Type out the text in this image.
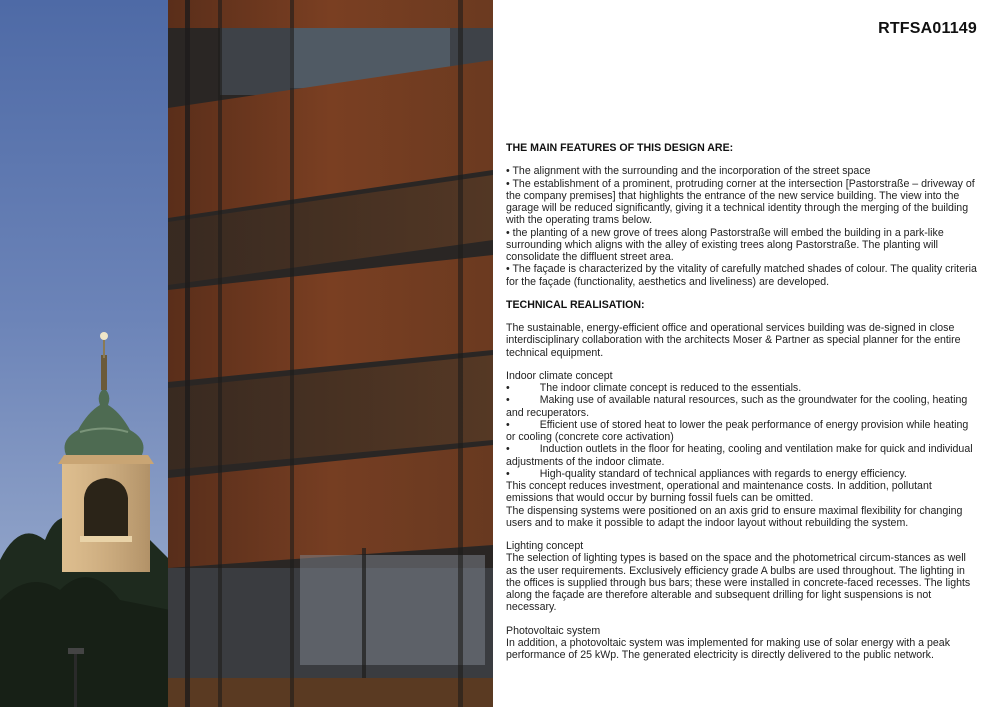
RTFSA01149

THE MAIN FEATURES OF THIS DESIGN ARE:

• The alignment with the surrounding and the incorporation of the street space

• The establishment of a prominent, protruding corner at the intersection [Pastorstraße – driveway of the company premises] that highlights the entrance of the new service building. The view into the garage will be reduced significantly, giving it a technical identity through the merging of the building with the operating trams below.

• the planting of a new grove of trees along Pastorstraße will embed the building in a park-like surrounding which aligns with the alley of existing trees along Pastorstraße. The planting will consolidate the diffluent street area.

• The façade is characterized by the vitality of carefully matched shades of colour. The quality criteria for the façade (functionality, aesthetics and liveliness) are developed.

TECHNICAL REALISATION:

The sustainable, energy-efficient office and operational services building was de-signed in close interdisciplinary collaboration with the architects Moser & Partner as special planner for the entire technical equipment.

Indoor climate concept

•	The indoor climate concept is reduced to the essentials.

•	Making use of available natural resources, such as the groundwater for the cooling, heating and recuperators.

•	Efficient use of stored heat to lower the peak performance of energy provision while heating or cooling (concrete core activation)

•	Induction outlets in the floor for heating, cooling and ventilation make for quick and individual adjustments of the indoor climate.

•	High-quality standard of technical appliances with regards to energy efficiency.

This concept reduces investment, operational and maintenance costs. In addition, pollutant emissions that would occur by burning fossil fuels can be omitted.

The dispensing systems were positioned on an axis grid to ensure maximal flexibility for changing users and to make it possible to adapt the indoor layout without rebuilding the system.

Lighting concept

The selection of lighting types is based on the space and the photometrical circum-stances as well as the user requirements. Exclusively efficiency grade A bulbs are used throughout. The lighting in the offices is supplied through bus bars; these were installed in concrete-faced recesses. The lights along the façade are therefore alterable and subsequent drilling for light suspensions is not necessary.

Photovoltaic system

In addition, a photovoltaic system was implemented for making use of solar energy with a peak performance of 25 kWp. The generated electricity is directly delivered to the public network.
